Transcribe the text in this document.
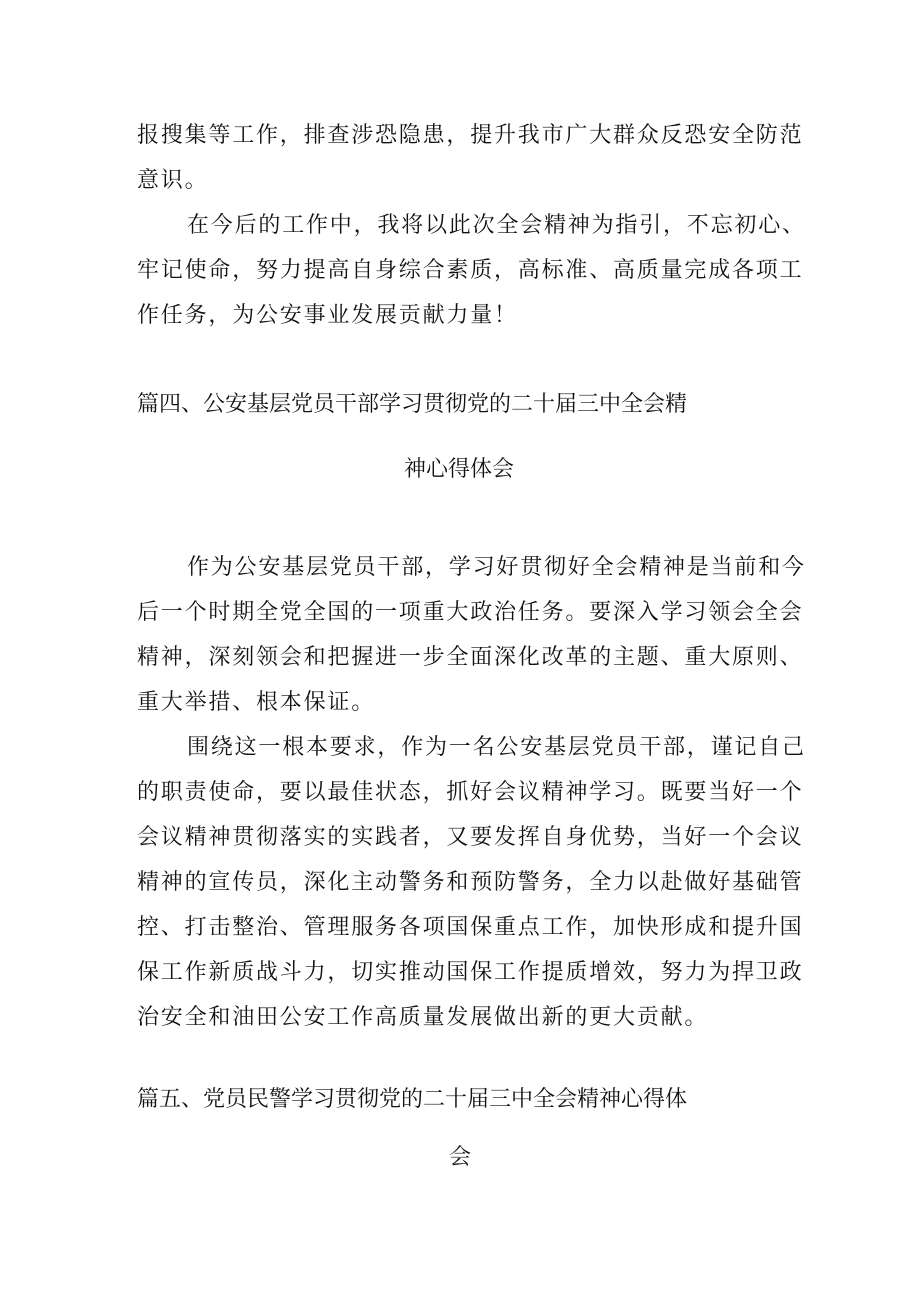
报搜集等工作，排查涉恐隐患，提升我市广大群众反恐安全防范
意识。
在今后的工作中，我将以此次全会精神为指引，不忘初心、
牢记使命，努力提高自身综合素质，高标准、高质量完成各项工
作任务，为公安事业发展贡献力量！
篇四、公安基层党员干部学习贯彻党的二十届三中全会精
神心得体会
作为公安基层党员干部，学习好贯彻好全会精神是当前和今
后一个时期全党全国的一项重大政治任务。要深入学习领会全会
精神，深刻领会和把握进一步全面深化改革的主题、重大原则、
重大举措、根本保证。
围绕这一根本要求，作为一名公安基层党员干部，谨记自己
的职责使命，要以最佳状态，抓好会议精神学习。既要当好一个
会议精神贯彻落实的实践者，又要发挥自身优势，当好一个会议
精神的宣传员，深化主动警务和预防警务，全力以赴做好基础管
控、打击整治、管理服务各项国保重点工作，加快形成和提升国
保工作新质战斗力，切实推动国保工作提质增效，努力为捍卫政
治安全和油田公安工作高质量发展做出新的更大贡献。
篇五、党员民警学习贯彻党的二十届三中全会精神心得体
会
